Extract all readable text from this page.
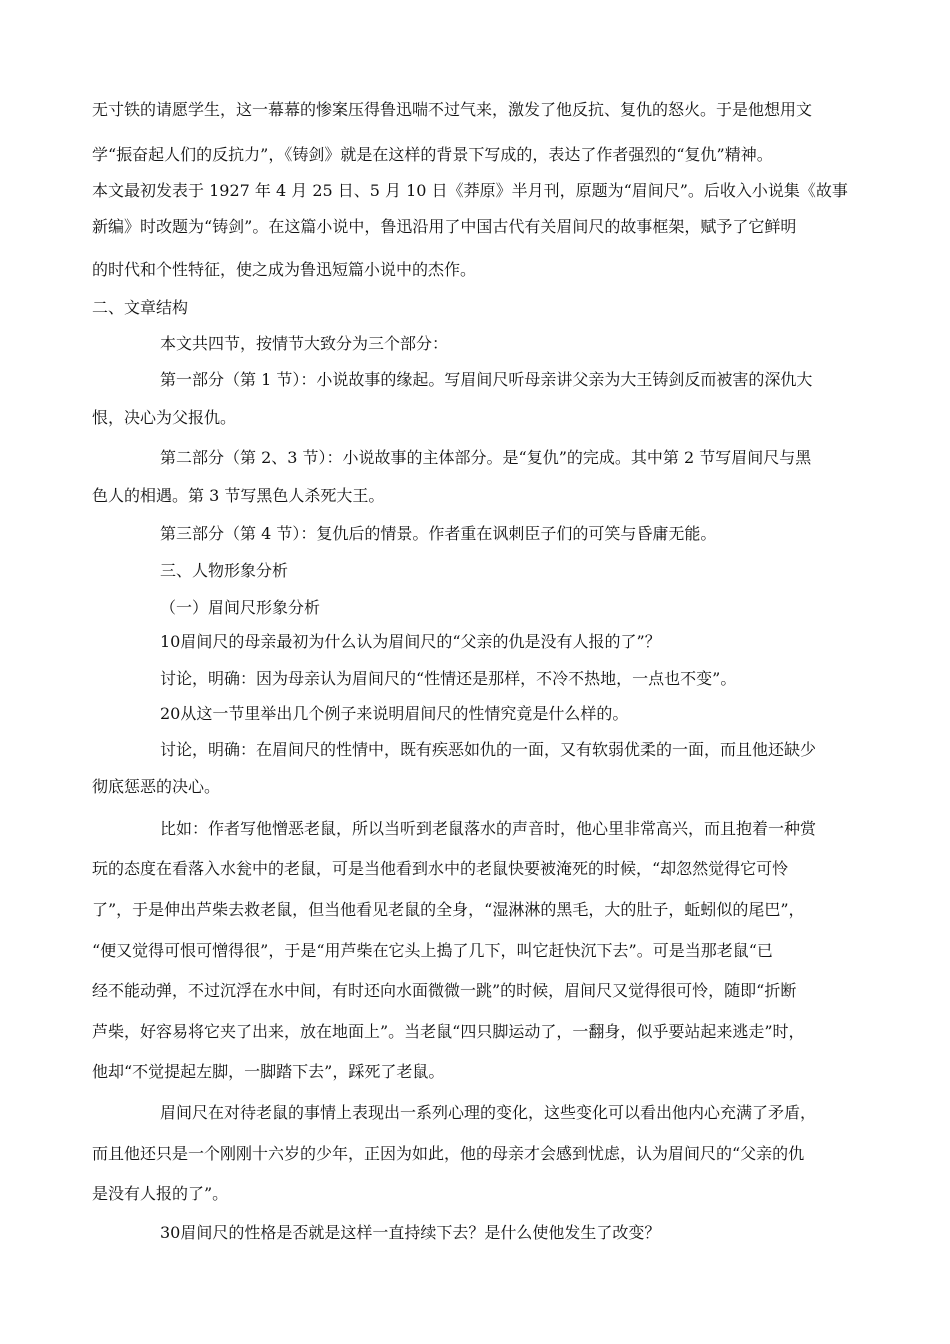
无寸铁的请愿学生，这一幕幕的惨案压得鲁迅喘不过气来，激发了他反抗、复仇的怒火。于是他想用文
学“振奋起人们的反抗力”，《铸剑》就是在这样的背景下写成的，表达了作者强烈的“复仇”精神。
本文最初发表于 1927 年 4 月 25 日、5 月 10 日《莽原》半月刊，原题为“眉间尺”。后收入小说集《故事
新编》时改题为“铸剑”。在这篇小说中，鲁迅沿用了中国古代有关眉间尺的故事框架，赋予了它鲜明
的时代和个性特征，使之成为鲁迅短篇小说中的杰作。
二、文章结构
本文共四节，按情节大致分为三个部分：
第一部分（第 1 节）：小说故事的缘起。写眉间尺听母亲讲父亲为大王铸剑反而被害的深仇大
恨，决心为父报仇。
第二部分（第 2、3 节）：小说故事的主体部分。是“复仇”的完成。其中第 2 节写眉间尺与黑
色人的相遇。第 3 节写黑色人杀死大王。
第三部分（第 4 节）：复仇后的情景。作者重在讽刺臣子们的可笑与昏庸无能。
三、人物形象分析
（一）眉间尺形象分析
10眉间尺的母亲最初为什么认为眉间尺的“父亲的仇是没有人报的了”？
讨论，明确：因为母亲认为眉间尺的“性情还是那样，不冷不热地，一点也不变”。
20从这一节里举出几个例子来说明眉间尺的性情究竟是什么样的。
讨论，明确：在眉间尺的性情中，既有疾恶如仇的一面，又有软弱优柔的一面，而且他还缺少
彻底惩恶的决心。
比如：作者写他憎恶老鼠，所以当听到老鼠落水的声音时，他心里非常高兴，而且抱着一种赏
玩的态度在看落入水瓮中的老鼠，可是当他看到水中的老鼠快要被淹死的时候，“却忽然觉得它可怜
了”，于是伸出芦柴去救老鼠，但当他看见老鼠的全身，“湿淋淋的黑毛，大的肚子，蚯蚓似的尾巴”，
“便又觉得可恨可憎得很”，于是“用芦柴在它头上搗了几下，叫它赶快沉下去”。可是当那老鼠“已
经不能动弹，不过沉浮在水中间，有时还向水面微微一跳”的时候，眉间尺又觉得很可怜，随即“折断
芦柴，好容易将它夹了出来，放在地面上”。当老鼠“四只脚运动了，一翻身，似乎要站起来逃走”时，
他却“不觉提起左脚，一脚踏下去”，踩死了老鼠。
眉间尺在对待老鼠的事情上表现出一系列心理的变化，这些变化可以看出他内心充满了矛盾，
而且他还只是一个刚刚十六岁的少年，正因为如此，他的母亲才会感到忧虑，认为眉间尺的“父亲的仇
是没有人报的了”。
30眉间尺的性格是否就是这样一直持续下去？是什么使他发生了改变？
